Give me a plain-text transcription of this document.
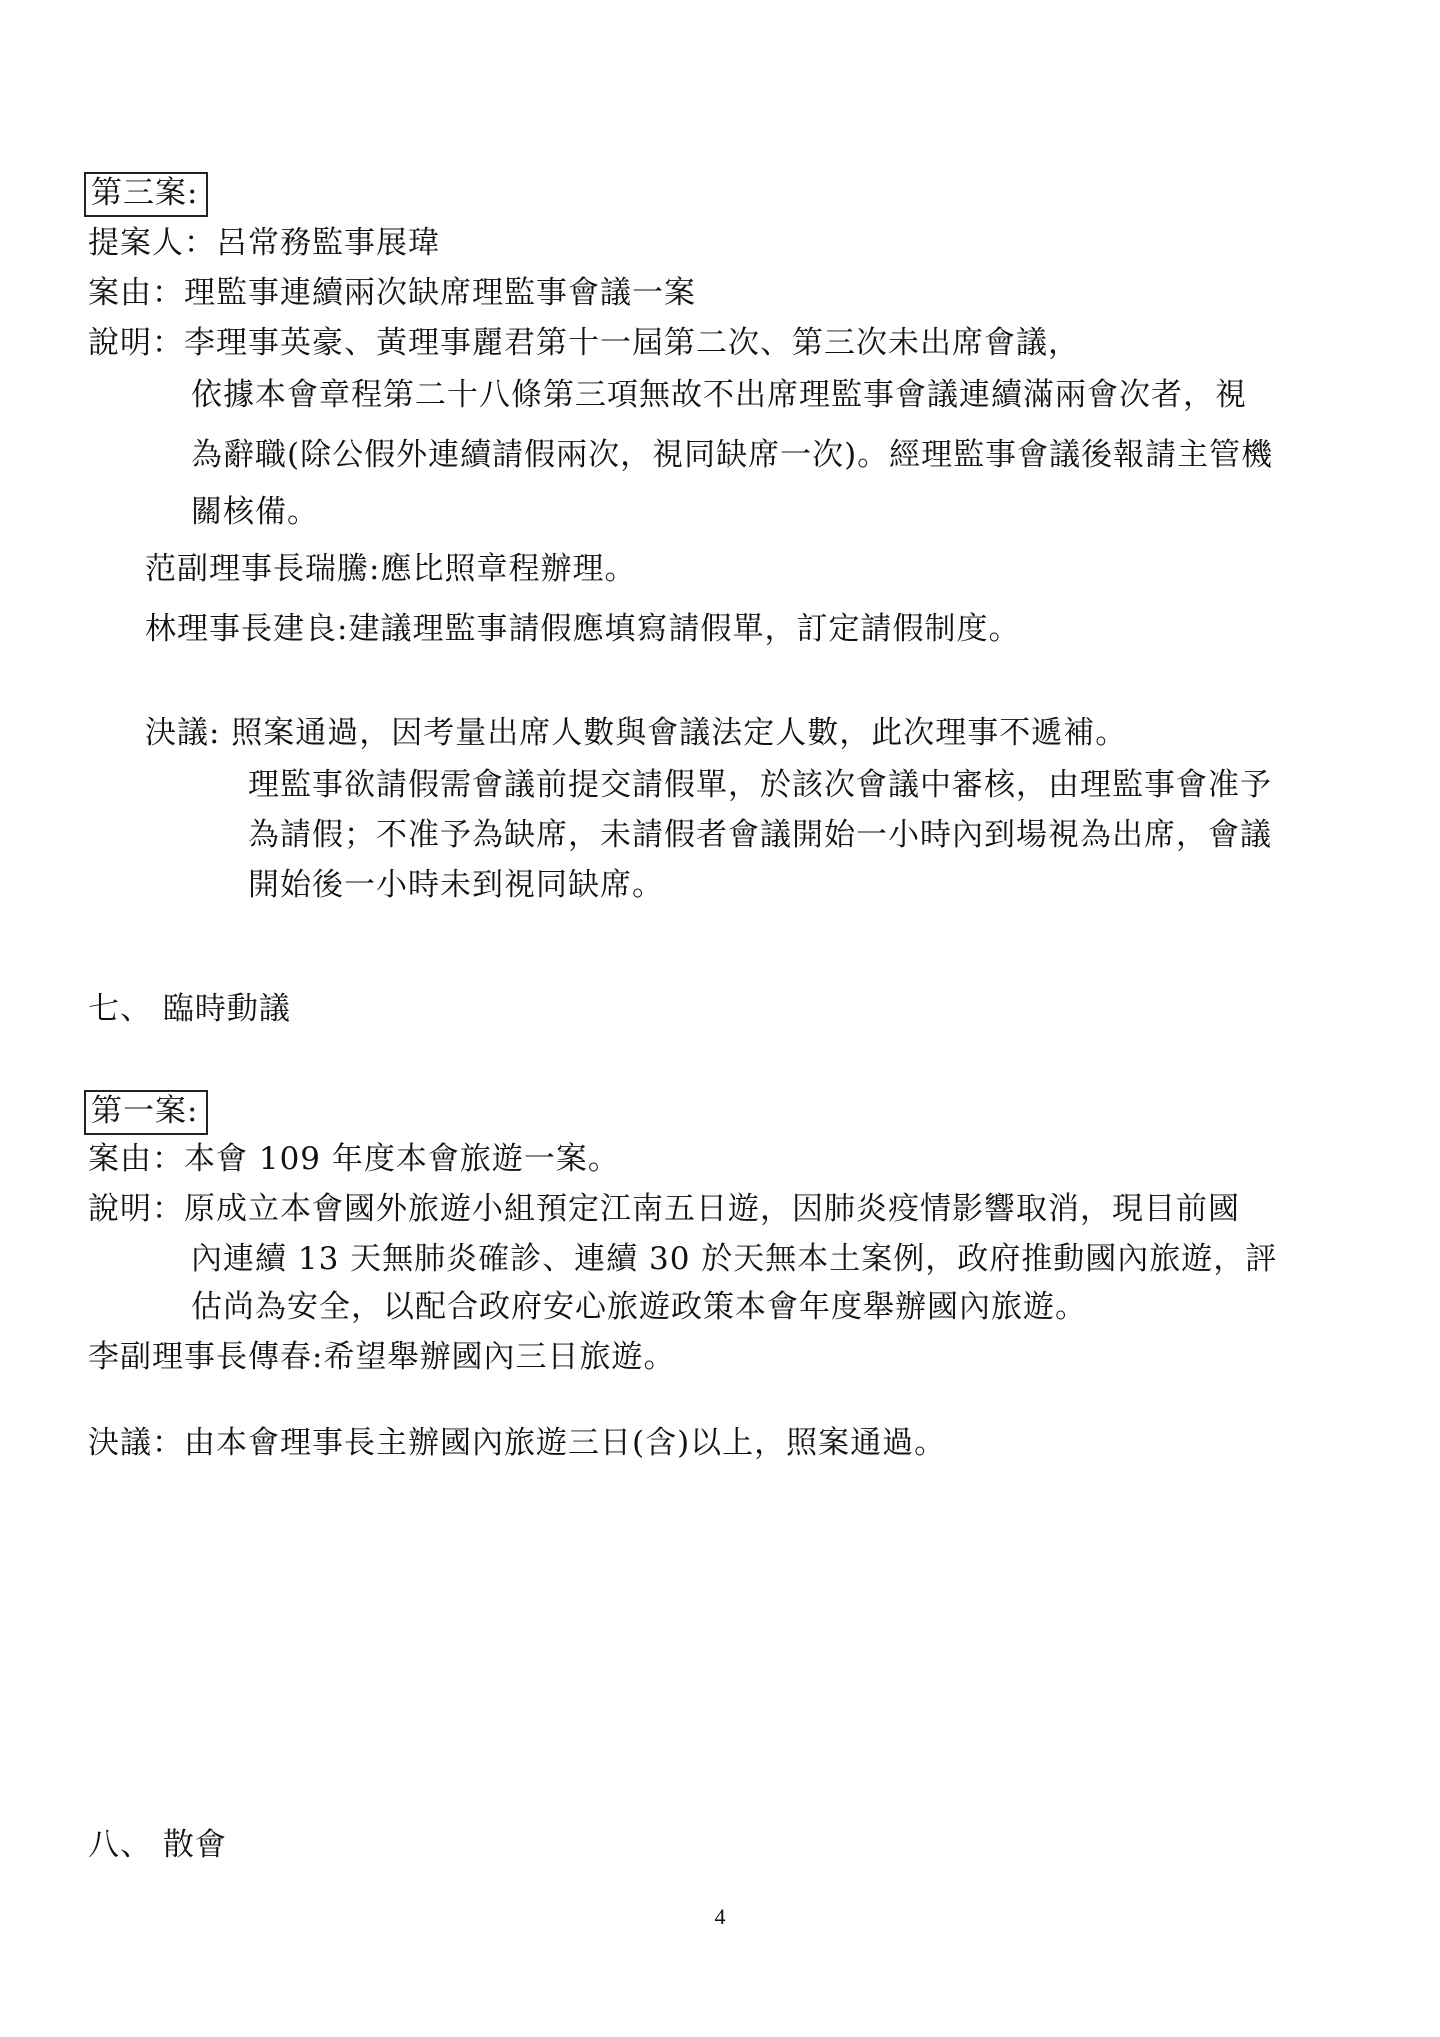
第三案:
提案人：呂常務監事展瑋
案由：理監事連續兩次缺席理監事會議一案
說明：李理事英豪、黃理事麗君第十一屆第二次、第三次未出席會議，
依據本會章程第二十八條第三項無故不出席理監事會議連續滿兩會次者，視
為辭職(除公假外連續請假兩次，視同缺席一次)。經理監事會議後報請主管機
關核備。
范副理事長瑞騰:應比照章程辦理。
林理事長建良:建議理監事請假應填寫請假單，訂定請假制度。
決議: 照案通過，因考量出席人數與會議法定人數，此次理事不遞補。
理監事欲請假需會議前提交請假單，於該次會議中審核，由理監事會准予
為請假；不准予為缺席，未請假者會議開始一小時內到場視為出席，會議
開始後一小時未到視同缺席。
七、 臨時動議
第一案:
案由：本會 109 年度本會旅遊一案。
說明：原成立本會國外旅遊小組預定江南五日遊，因肺炎疫情影響取消，現目前國
內連續 13 天無肺炎確診、連續 30 於天無本土案例，政府推動國內旅遊，評
估尚為安全，以配合政府安心旅遊政策本會年度舉辦國內旅遊。
李副理事長傳春:希望舉辦國內三日旅遊。
決議：由本會理事長主辦國內旅遊三日(含)以上，照案通過。
八、 散會
4
